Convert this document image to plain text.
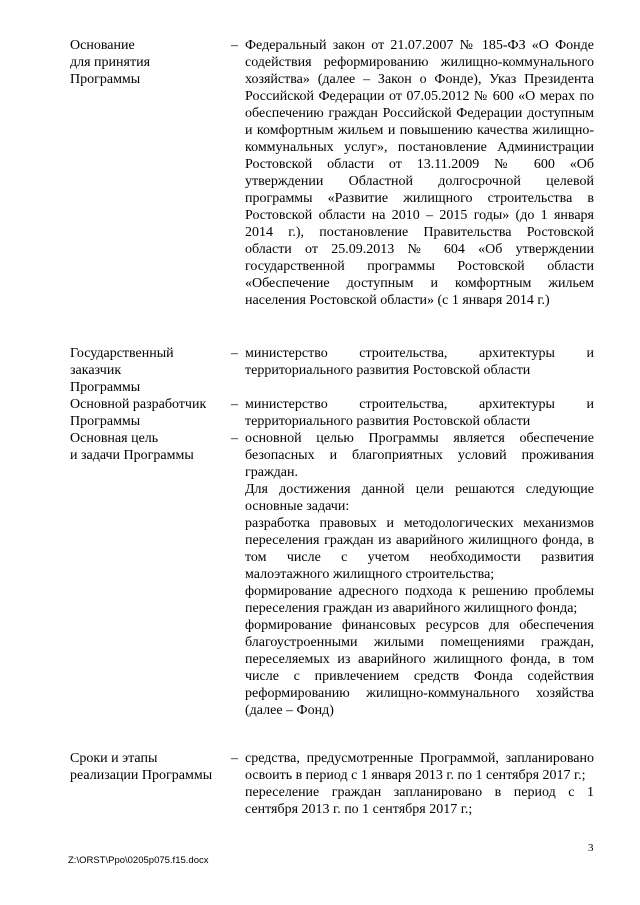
Основание
для принятия
Программы
– Федеральный закон от 21.07.2007 № 185-ФЗ «О Фонде содействия реформированию жилищно-коммунального хозяйства» (далее – Закон о Фонде), Указ Президента Российской Федерации от 07.05.2012 № 600 «О мерах по обеспечению граждан Российской Федерации доступным и комфортным жильем и повышению качества жилищно-коммунальных услуг», постановление Администрации Ростовской области от 13.11.2009 № 600 «Об утверждении Областной долгосрочной целевой программы «Развитие жилищного строительства в Ростовской области на 2010 – 2015 годы» (до 1 января 2014 г.), постановление Правительства Ростовской области от 25.09.2013 № 604 «Об утверждении государственной программы Ростовской области «Обеспечение доступным и комфортным жильем населения Ростовской области» (с 1 января 2014 г.)
Государственный
заказчик
Программы
– министерство строительства, архитектуры и территориального развития Ростовской области
Основной разработчик
Программы
– министерство строительства, архитектуры и территориального развития Ростовской области
Основная цель
и задачи Программы
– основной целью Программы является обеспечение безопасных и благоприятных условий проживания граждан.
Для достижения данной цели решаются следующие основные задачи:
разработка правовых и методологических механизмов переселения граждан из аварийного жилищного фонда, в том числе с учетом необходимости развития малоэтажного жилищного строительства;
формирование адресного подхода к решению проблемы переселения граждан из аварийного жилищного фонда;
формирование финансовых ресурсов для обеспечения благоустроенными жилыми помещениями граждан, переселяемых из аварийного жилищного фонда, в том числе с привлечением средств Фонда содействия реформированию жилищно-коммунального хозяйства (далее – Фонд)
Сроки и этапы
реализации Программы
– средства, предусмотренные Программой, запланировано освоить в период с 1 января 2013 г. по 1 сентября 2017 г.;
переселение граждан запланировано в период с 1 сентября 2013 г. по 1 сентября 2017 г.;
3
Z:\ORST\Ppo\0205p075.f15.docx
